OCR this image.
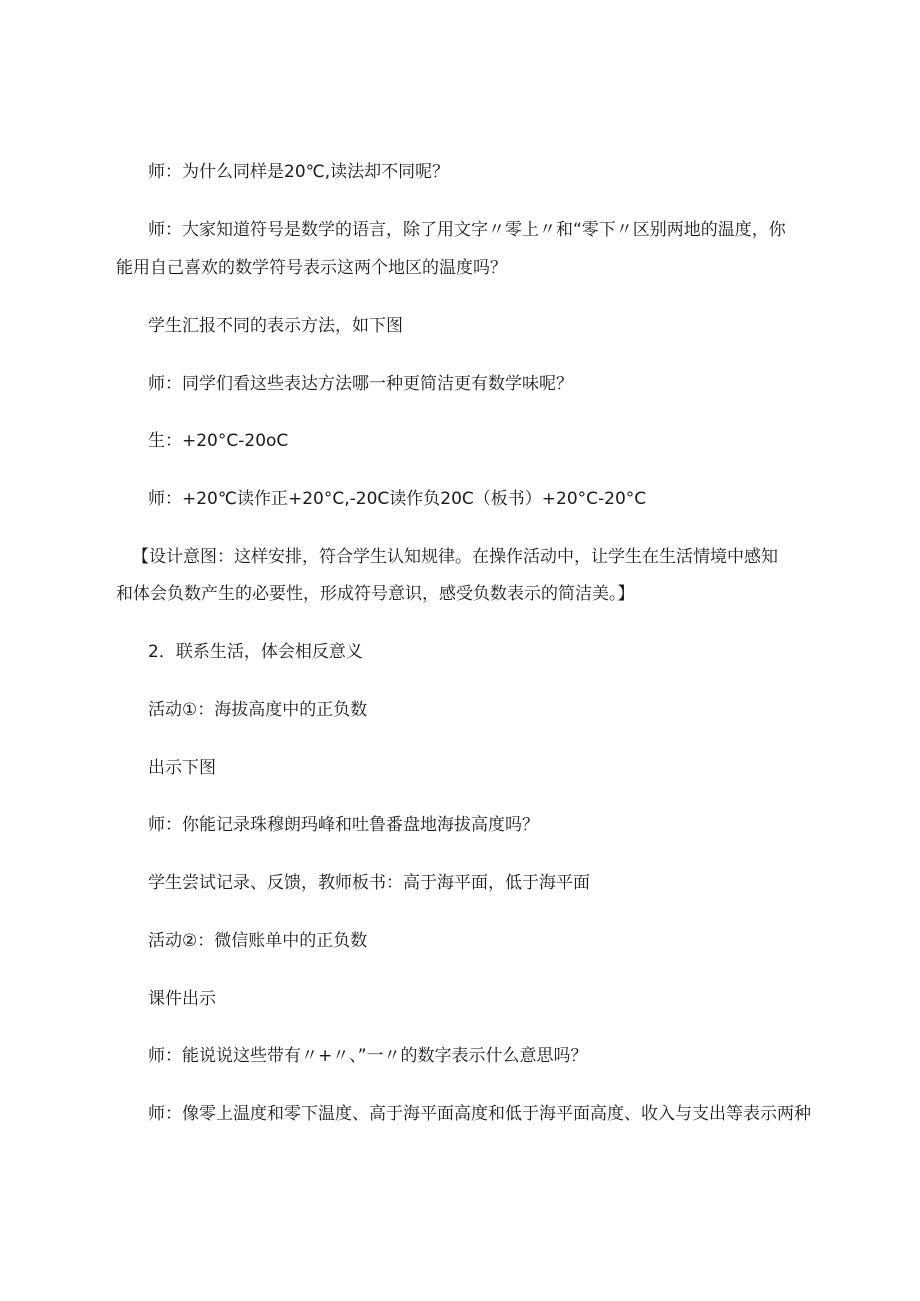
师：为什么同样是20℃,读法却不同呢？
师：大家知道符号是数学的语言，除了用文字〃零上〃和“零下〃区别两地的温度，你
能用自己喜欢的数学符号表示这两个地区的温度吗？
学生汇报不同的表示方法，如下图
师：同学们看这些表达方法哪一种更简洁更有数学味呢？
生：+20°C-20oC
师：+20℃读作正+20°C,-20C读作负20C（板书）+20°C-20°C
【设计意图：这样安排，符合学生认知规律。在操作活动中，让学生在生活情境中感知
和体会负数产生的必要性，形成符号意识，感受负数表示的简洁美。】
2．联系生活，体会相反意义
活动①：海拔高度中的正负数
出示下图
师：你能记录珠穆朗玛峰和吐鲁番盘地海拔高度吗？
学生尝试记录、反馈，教师板书：高于海平面，低于海平面
活动②：微信账单中的正负数
课件出示
师：能说说这些带有〃+〃、”一〃的数字表示什么意思吗？
师：像零上温度和零下温度、高于海平面高度和低于海平面高度、收入与支出等表示两种
